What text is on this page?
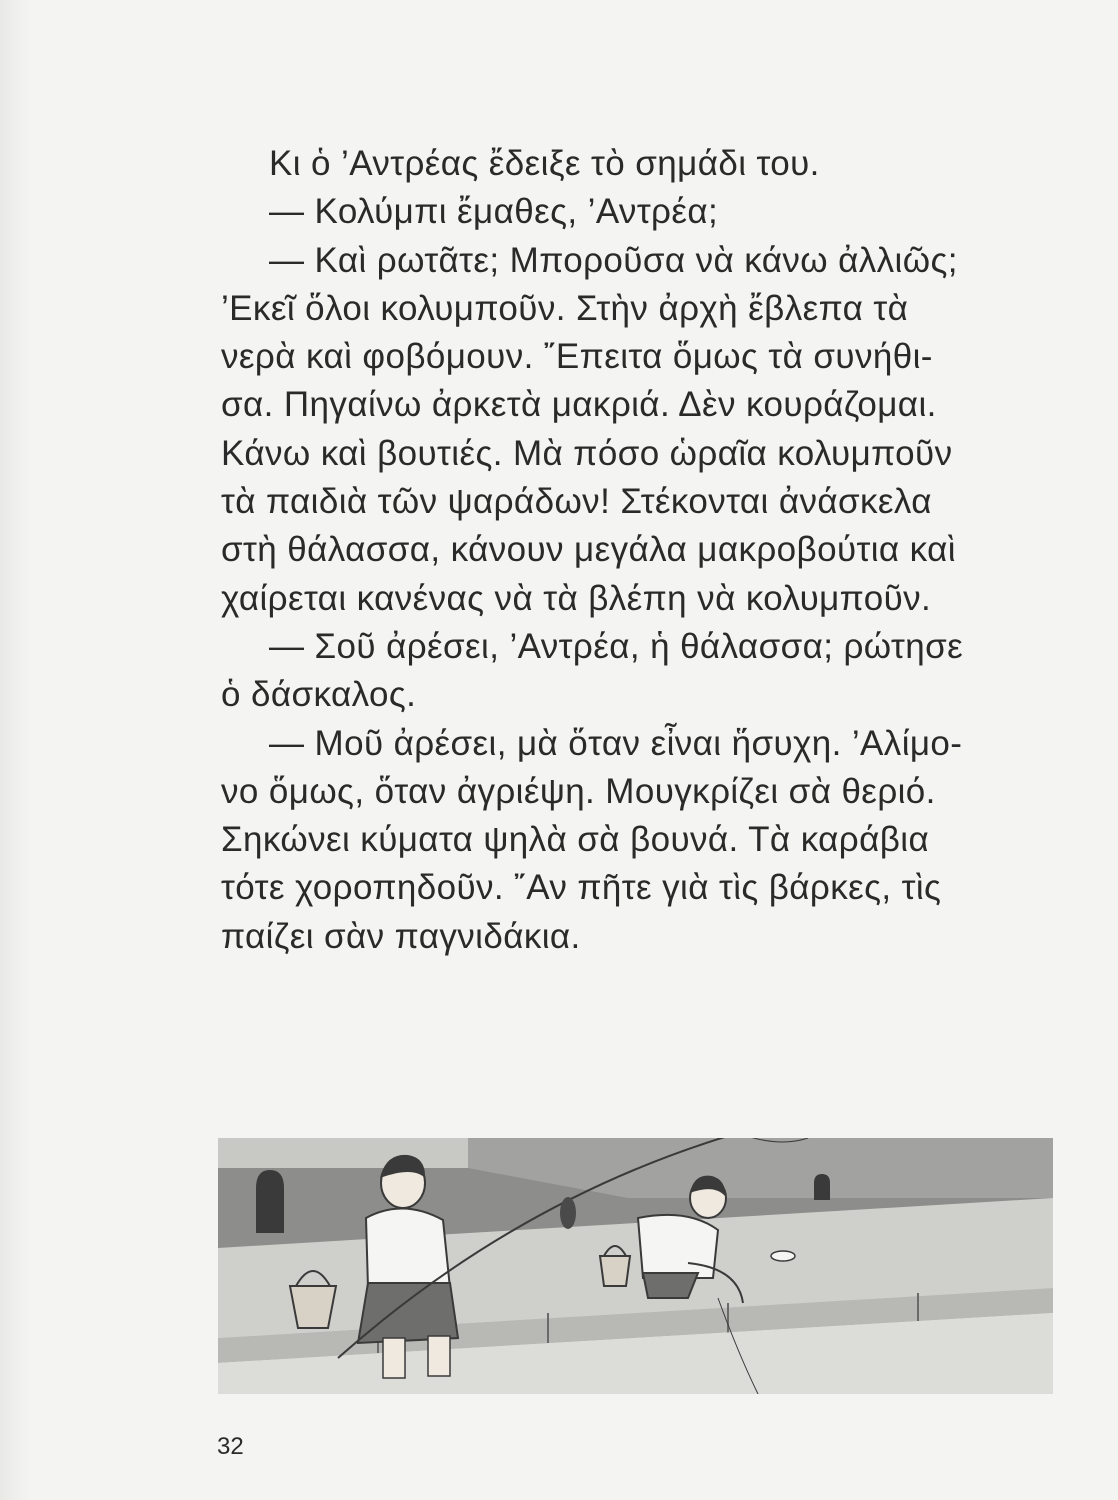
Κι ὁ ’Αντρέας ἔδειξε τὸ σημάδι του.
— Κολύμπι ἔμαθες, ’Αντρέα;
— Καὶ ρωτᾶτε; Μποροῦσα νὰ κάνω ἀλλιῶς;
’Εκεῖ ὅλοι κολυμποῦν. Στὴν ἀρχὴ ἔβλεπα τὰ
νερὰ καὶ φοβόμουν. ῎Επειτα ὅμως τὰ συνήθι-
σα. Πηγαίνω ἀρκετὰ μακριά. Δὲν κουράζομαι.
Κάνω καὶ βουτιές. Μὰ πόσο ὡραῖα κολυμποῦν
τὰ παιδιὰ τῶν ψαράδων! Στέκονται ἀνάσκελα
στὴ θάλασσα, κάνουν μεγάλα μακροβούτια καὶ
χαίρεται κανένας νὰ τὰ βλέπη νὰ κολυμποῦν.
— Σοῦ ἀρέσει, ’Αντρέα, ἡ θάλασσα; ρώτησε
ὁ δάσκαλος.
— Μοῦ ἀρέσει, μὰ ὅταν εἶναι ἥσυχη. ’Αλίμο-
νο ὅμως, ὅταν ἀγριέψη. Μουγκρίζει σὰ θεριό.
Σηκώνει κύματα ψηλὰ σὰ βουνά. Τὰ καράβια
τότε χοροπηδοῦν. ῎Αν πῆτε γιὰ τὶς βάρκες, τὶς
παίζει σὰν παγνιδάκια.
32
